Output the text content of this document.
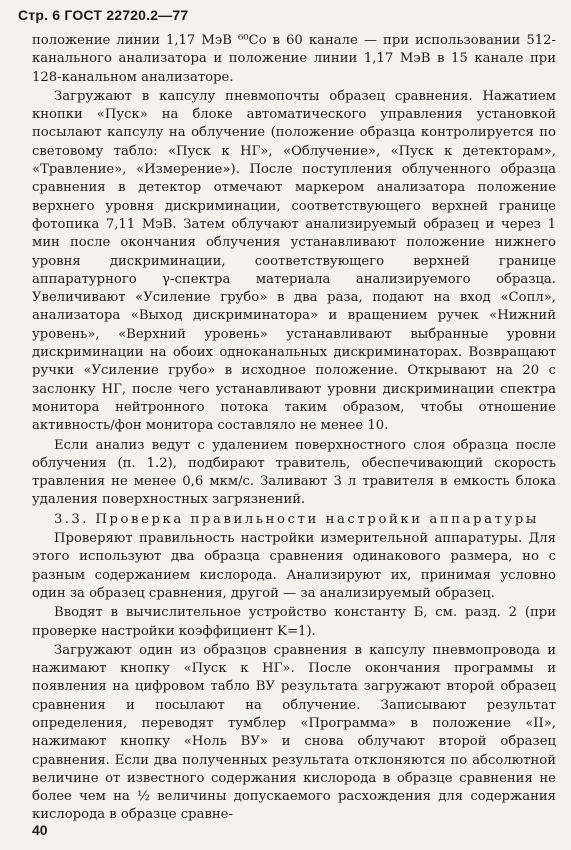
Стр. 6 ГОСТ 22720.2—77

положение линии 1,17 МэВ ⁶⁰Co в 60 канале — при использовании 512-канального анализатора и положение линии 1,17 МэВ в 15 канале при 128-канальном анализаторе.

Загружают в капсулу пневмопочты образец сравнения. Нажатием кнопки «Пуск» на блоке автоматического управления установкой посылают капсулу на облучение (положение образца контролируется по световому табло: «Пуск к НГ», «Облучение», «Пуск к детекторам», «Травление», «Измерение»). После поступления облученного образца сравнения в детектор отмечают маркером анализатора положение верхнего уровня дискриминации, соответствующего верхней границе фотопика 7,11 МэВ. Затем облучают анализируемый образец и через 1 мин после окончания облучения устанавливают положение нижнего уровня дискриминации, соответствующего верхней границе аппаратурного γ-спектра материала анализируемого образца. Увеличивают «Усиление грубо» в два раза, подают на вход «Сопл», анализатора «Выход дискриминатора» и вращением ручек «Нижний уровень», «Верхний уровень» устанавливают выбранные уровни дискриминации на обоих одноканальных дискриминаторах. Возвращают ручки «Усиление грубо» в исходное положение. Открывают на 20 с заслонку НГ, после чего устанавливают уровни дискриминации спектра монитора нейтронного потока таким образом, чтобы отношение активность/фон монитора составляло не менее 10.

Если анализ ведут с удалением поверхностного слоя образца после облучения (п. 1.2), подбирают травитель, обеспечивающий скорость травления не менее 0,6 мкм/с. Заливают 3 л травителя в емкость блока удаления поверхностных загрязнений.

3.3. Проверка правильности настройки аппаратуры

Проверяют правильность настройки измерительной аппаратуры. Для этого используют два образца сравнения одинакового размера, но с разным содержанием кислорода. Анализируют их, принимая условно один за образец сравнения, другой — за анализируемый образец.

Вводят в вычислительное устройство константу Б, см. разд. 2 (при проверке настройки коэффициент K=1).

Загружают один из образцов сравнения в капсулу пневмопровода и нажимают кнопку «Пуск к НГ». После окончания программы и появления на цифровом табло ВУ результата загружают второй образец сравнения и посылают на облучение. Записывают результат определения, переводят тумблер «Программа» в положение «II», нажимают кнопку «Ноль ВУ» и снова облучают второй образец сравнения. Если два полученных результата отклоняются по абсолютной величине от известного содержания кислорода в образце сравнения не более чем на ½ величины допускаемого расхождения для содержания кислорода в образце сравне-

40
